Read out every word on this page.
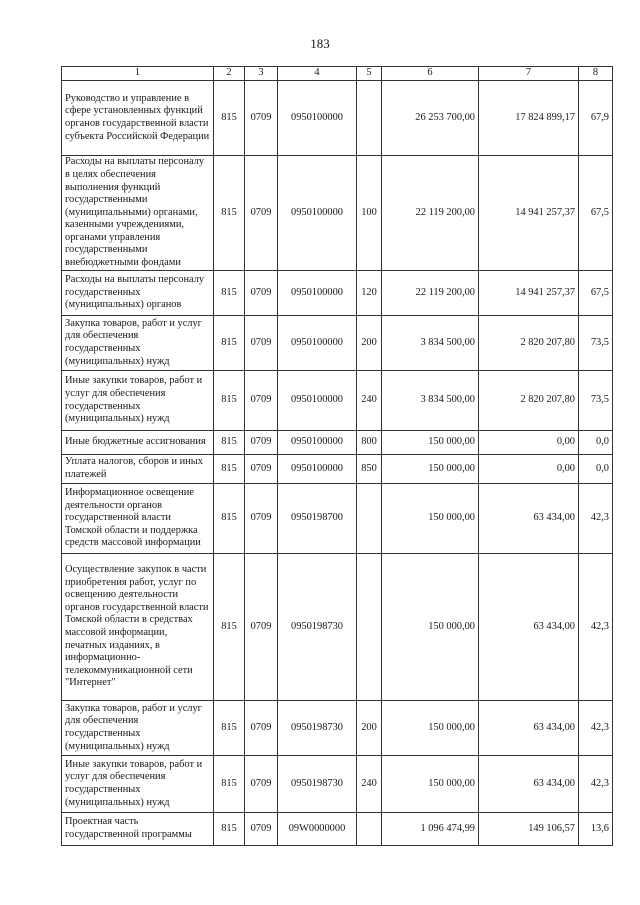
183
1	2	3	4	5	6	7	8
Руководство и управление в сфере установленных функций органов государственной власти субъекта Российской Федерации	815	0709	0950100000		26 253 700,00	17 824 899,17	67,9
Расходы на выплаты персоналу в целях обеспечения выполнения функций государственными (муниципальными) органами, казенными учреждениями, органами управления государственными внебюджетными фондами	815	0709	0950100000	100	22 119 200,00	14 941 257,37	67,5
Расходы на выплаты персоналу государственных (муниципальных) органов	815	0709	0950100000	120	22 119 200,00	14 941 257,37	67,5
Закупка товаров, работ и услуг для обеспечения государственных (муниципальных) нужд	815	0709	0950100000	200	3 834 500,00	2 820 207,80	73,5
Иные закупки товаров, работ и услуг для обеспечения государственных (муниципальных) нужд	815	0709	0950100000	240	3 834 500,00	2 820 207,80	73,5
Иные бюджетные ассигнования	815	0709	0950100000	800	150 000,00	0,00	0,0
Уплата налогов, сборов и иных платежей	815	0709	0950100000	850	150 000,00	0,00	0,0
Информационное освещение деятельности органов государственной власти Томской области и поддержка средств массовой информации	815	0709	0950198700		150 000,00	63 434,00	42,3
Осуществление закупок в части приобретения работ, услуг по освещению деятельности органов государственной власти Томской области в средствах массовой информации, печатных изданиях, в информационно-телекоммуникационной сети "Интернет"	815	0709	0950198730		150 000,00	63 434,00	42,3
Закупка товаров, работ и услуг для обеспечения государственных (муниципальных) нужд	815	0709	0950198730	200	150 000,00	63 434,00	42,3
Иные закупки товаров, работ и услуг для обеспечения государственных (муниципальных) нужд	815	0709	0950198730	240	150 000,00	63 434,00	42,3
Проектная часть государственной программы	815	0709	09W0000000		1 096 474,99	149 106,57	13,6
